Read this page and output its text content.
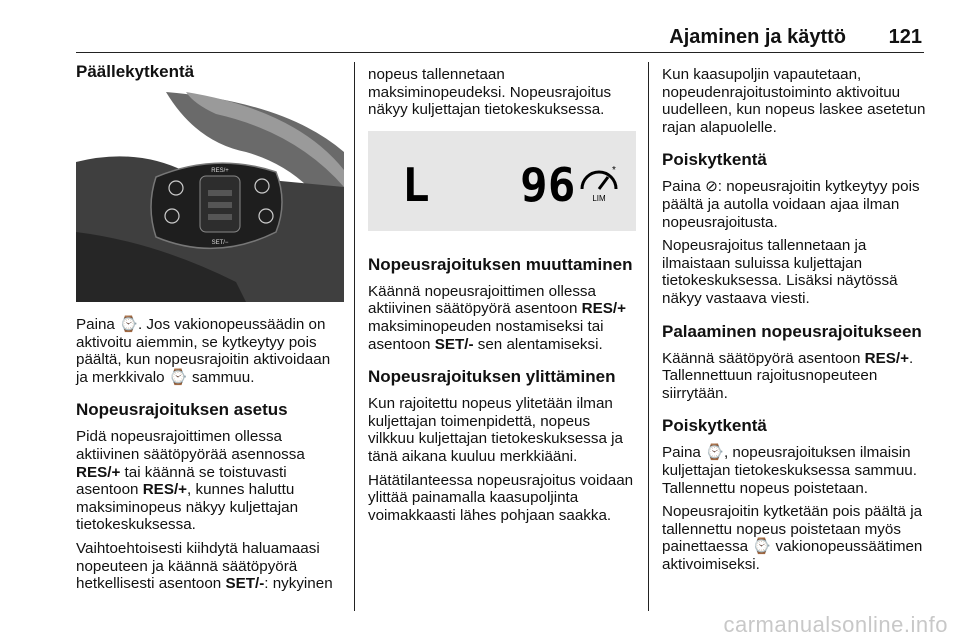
Ajaminen ja käyttö 121
Päällekytkentä
RES/+
SET/−

Paina ⌚. Jos vakionopeussäädin on aktivoitu aiemmin, se kytkeytyy pois päältä, kun nopeusrajoitin aktivoidaan ja merkkivalo ⌚ sammuu.

Nopeusrajoituksen asetus

Pidä nopeusrajoittimen ollessa aktiivinen säätöpyörää asennossa RES/+ tai käännä se toistuvasti asentoon RES/+, kunnes haluttu maksiminopeus näkyy kuljettajan tietokeskuksessa.

Vaihtoehtoisesti kiihdytä haluamaasi nopeuteen ja käännä säätöpyörä hetkellisesti asentoon SET/-: nykyinen

nopeus tallennetaan maksiminopeudeksi. Nopeusrajoitus näkyy kuljettajan tietokeskuksessa.

L 96	*
LIM
Nopeusrajoituksen muuttaminen

Käännä nopeusrajoittimen ollessa aktiivinen säätöpyörä asentoon RES/+ maksiminopeuden nostamiseksi tai asentoon SET/- sen alentamiseksi.

Nopeusrajoituksen ylittäminen

Kun rajoitettu nopeus ylitetään ilman kuljettajan toimenpidettä, nopeus vilkkuu kuljettajan tietokeskuksessa ja tänä aikana kuuluu merkkiääni.

Hätätilanteessa nopeusrajoitus voidaan ylittää painamalla kaasupoljinta voimakkaasti lähes pohjaan saakka.

Kun kaasupoljin vapautetaan, nopeudenrajoitustoiminto aktivoituu uudelleen, kun nopeus laskee asetetun rajan alapuolelle.

Poiskytkentä

Paina ⊘: nopeusrajoitin kytkeytyy pois päältä ja autolla voidaan ajaa ilman nopeusrajoitusta.

Nopeusrajoitus tallennetaan ja ilmaistaan suluissa kuljettajan tietokeskuksessa. Lisäksi näytössä näkyy vastaava viesti.

Palaaminen nopeusrajoitukseen

Käännä säätöpyörä asentoon RES/+. Tallennettuun rajoitusnopeuteen siirrytään.

Poiskytkentä

Paina ⌚, nopeusrajoituksen ilmaisin kuljettajan tietokeskuksessa sammuu. Tallennettu nopeus poistetaan.

Nopeusrajoitin kytketään pois päältä ja tallennettu nopeus poistetaan myös painettaessa ⌚ vakionopeussäätimen aktivoimiseksi.

carmanualsonline.info
